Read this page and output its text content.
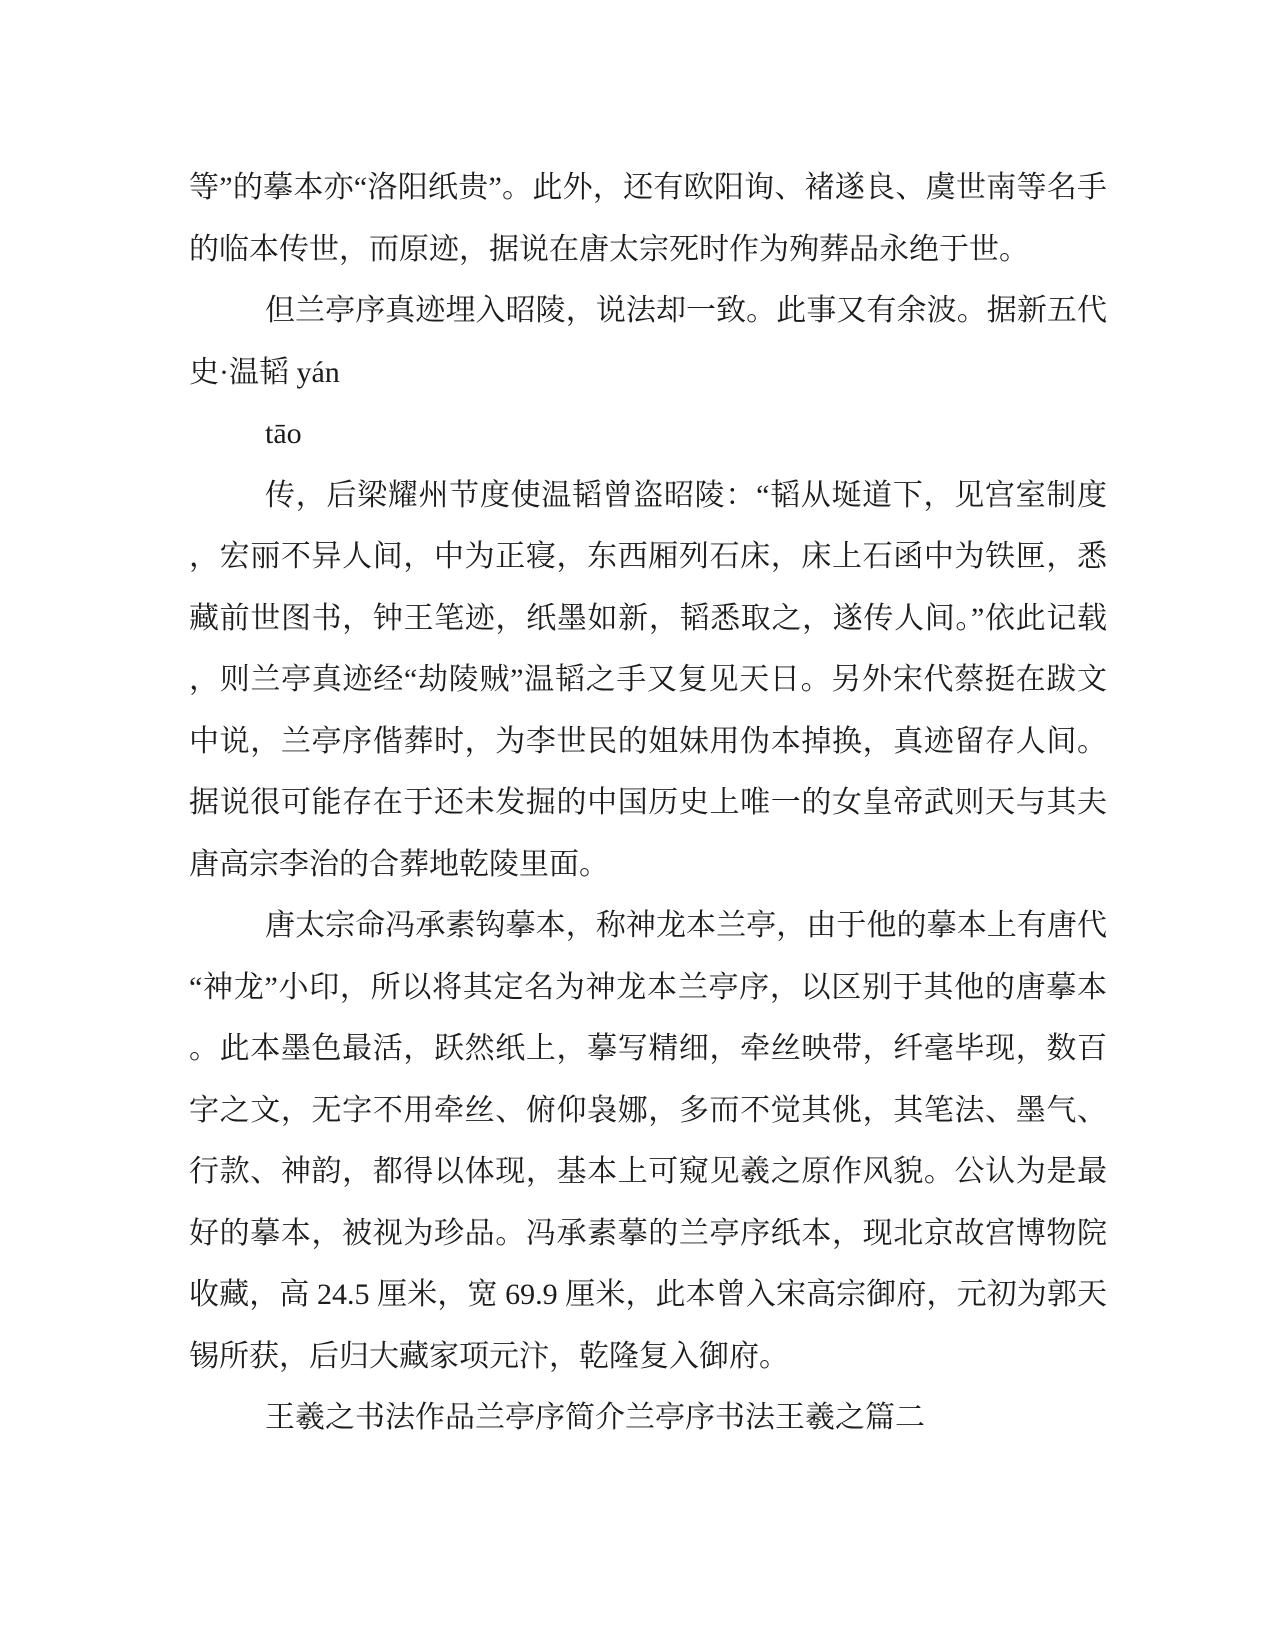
等”的摹本亦“洛阳纸贵”。此外，还有欧阳询、褚遂良、虞世南等名手
的临本传世，而原迹，据说在唐太宗死时作为殉葬品永绝于世。
但兰亭序真迹埋入昭陵，说法却一致。此事又有余波。据新五代
史·温韬 yán
tāo
传，后梁耀州节度使温韬曾盗昭陵：“韬从埏道下，见宫室制度
，宏丽不异人间，中为正寝，东西厢列石床，床上石函中为铁匣，悉
藏前世图书，钟王笔迹，纸墨如新，韬悉取之，遂传人间。”依此记载
，则兰亭真迹经“劫陵贼”温韬之手又复见天日。另外宋代蔡挺在跋文
中说，兰亭序偕葬时，为李世民的姐妹用伪本掉换，真迹留存人间。
据说很可能存在于还未发掘的中国历史上唯一的女皇帝武则天与其夫
唐高宗李治的合葬地乾陵里面。
唐太宗命冯承素钩摹本，称神龙本兰亭，由于他的摹本上有唐代
“神龙”小印，所以将其定名为神龙本兰亭序，以区别于其他的唐摹本
。此本墨色最活，跃然纸上，摹写精细，牵丝映带，纤毫毕现，数百
字之文，无字不用牵丝、俯仰袅娜，多而不觉其佻，其笔法、墨气、
行款、神韵，都得以体现，基本上可窥见羲之原作风貌。公认为是最
好的摹本，被视为珍品。冯承素摹的兰亭序纸本，现北京故宫博物院
收藏，高 24.5 厘米，宽 69.9 厘米，此本曾入宋高宗御府，元初为郭天
锡所获，后归大藏家项元汴，乾隆复入御府。
王羲之书法作品兰亭序简介兰亭序书法王羲之篇二
